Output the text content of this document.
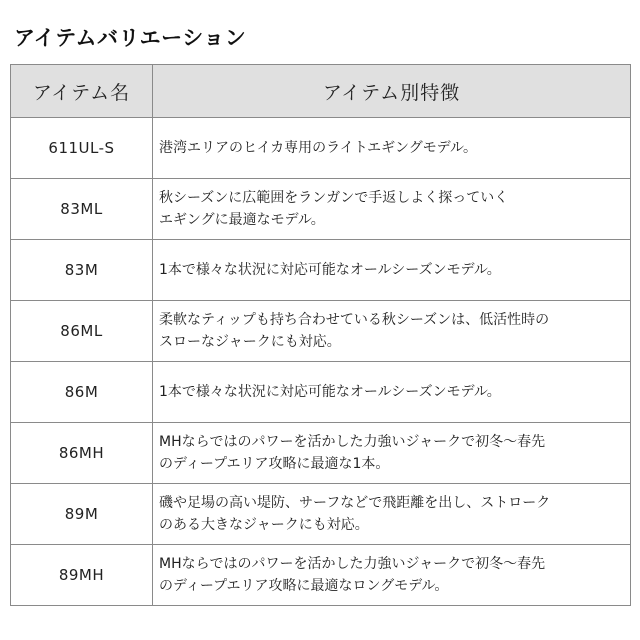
アイテムバリエーション
アイテム名	アイテム別特徴
611UL-S	港湾エリアのヒイカ専用のライトエギングモデル。

83ML	秋シーズンに広範囲をランガンで手返しよく探っていく
エギングに最適なモデル。

83M	1本で様々な状況に対応可能なオールシーズンモデル。

86ML	柔軟なティップも持ち合わせている秋シーズンは、低活性時の
スローなジャークにも対応。

86M	1本で様々な状況に対応可能なオールシーズンモデル。

86MH	MHならではのパワーを活かした力強いジャークで初冬〜春先
のディープエリア攻略に最適な1本。

89M	磯や足場の高い堤防、サーフなどで飛距離を出し、ストローク
のある大きなジャークにも対応。

89MH	MHならではのパワーを活かした力強いジャークで初冬〜春先
のディープエリア攻略に最適なロングモデル。
